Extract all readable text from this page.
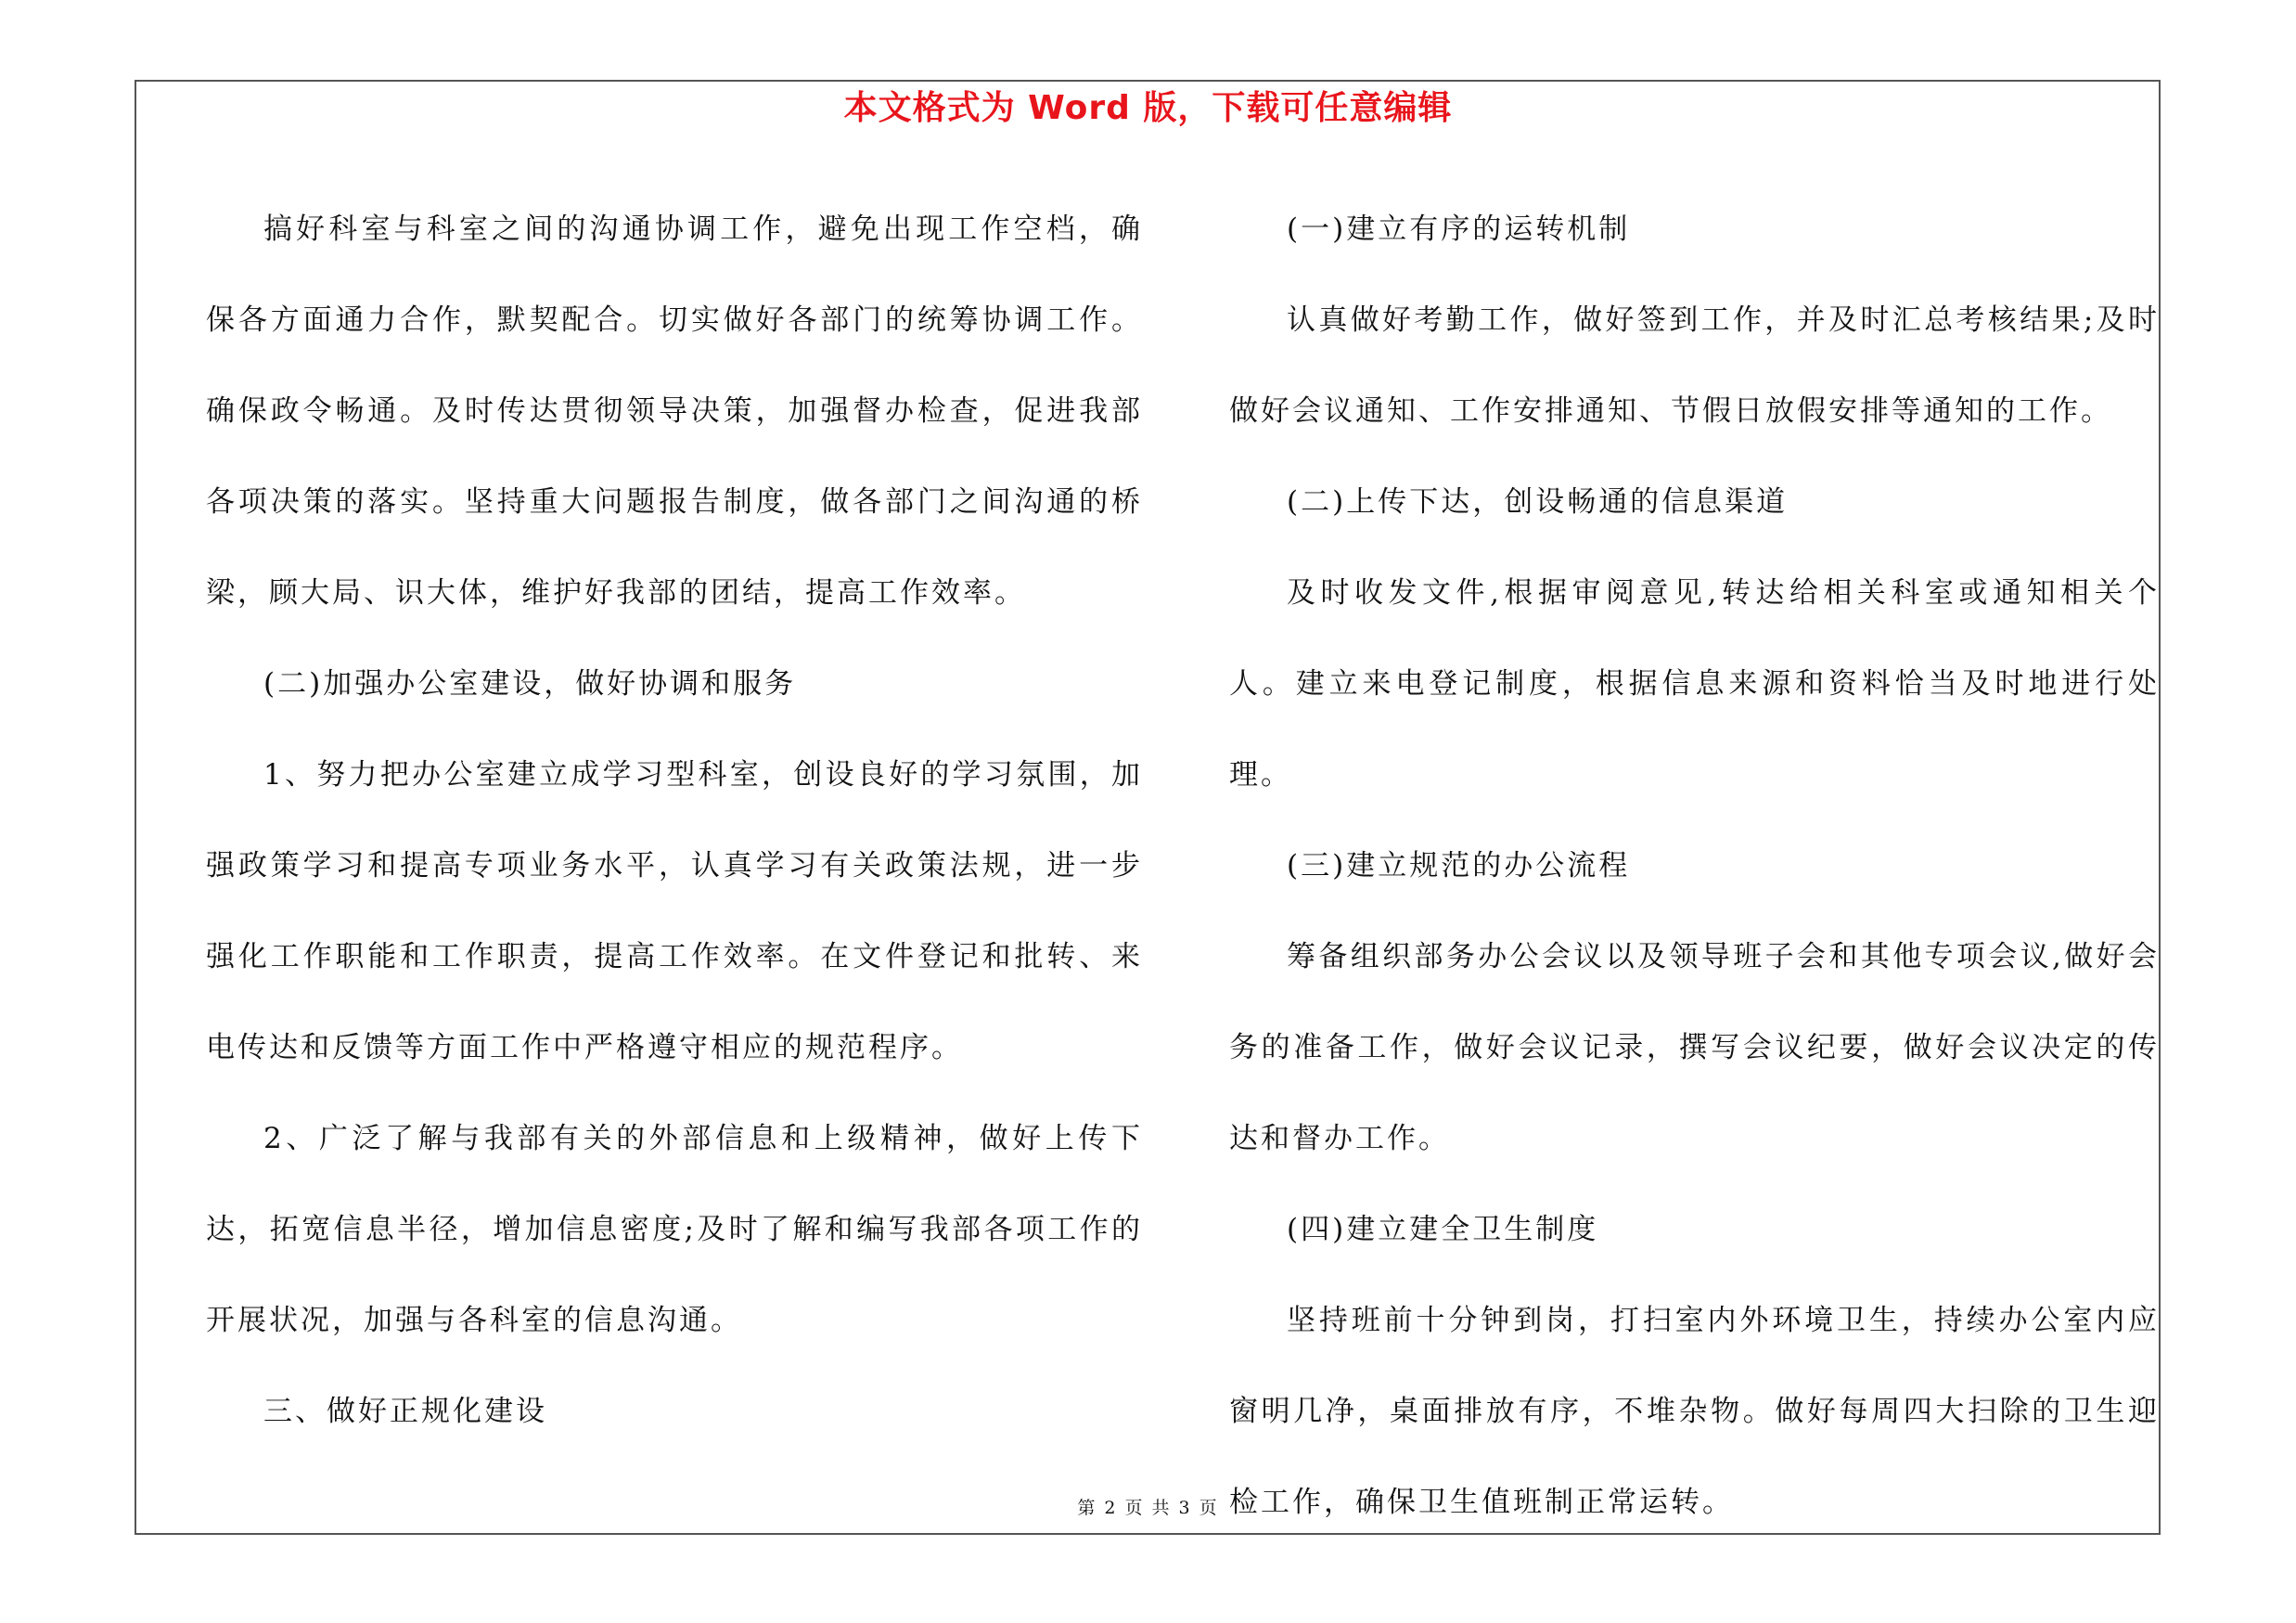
本文格式为 Word 版，下载可任意编辑

搞好科室与科室之间的沟通协调工作，避免出现工作空档，确保各方面通力合作，默契配合。切实做好各部门的统筹协调工作。确保政令畅通。及时传达贯彻领导决策，加强督办检查，促进我部各项决策的落实。坚持重大问题报告制度，做各部门之间沟通的桥梁，顾大局、识大体，维护好我部的团结，提高工作效率。

(二)加强办公室建设，做好协调和服务

1、努力把办公室建立成学习型科室，创设良好的学习氛围，加强政策学习和提高专项业务水平，认真学习有关政策法规，进一步强化工作职能和工作职责，提高工作效率。在文件登记和批转、来电传达和反馈等方面工作中严格遵守相应的规范程序。

2、广泛了解与我部有关的外部信息和上级精神，做好上传下达，拓宽信息半径，增加信息密度;及时了解和编写我部各项工作的开展状况，加强与各科室的信息沟通。

三、做好正规化建设

(一)建立有序的运转机制

认真做好考勤工作，做好签到工作，并及时汇总考核结果;及时做好会议通知、工作安排通知、节假日放假安排等通知的工作。

(二)上传下达，创设畅通的信息渠道

及时收发文件,根据审阅意见,转达给相关科室或通知相关个人。建立来电登记制度，根据信息来源和资料恰当及时地进行处理。

(三)建立规范的办公流程

筹备组织部务办公会议以及领导班子会和其他专项会议,做好会务的准备工作，做好会议记录，撰写会议纪要，做好会议决定的传达和督办工作。

(四)建立建全卫生制度

坚持班前十分钟到岗，打扫室内外环境卫生，持续办公室内应窗明几净，桌面排放有序，不堆杂物。做好每周四大扫除的卫生迎检工作，确保卫生值班制正常运转。

第 2 页 共 3 页
